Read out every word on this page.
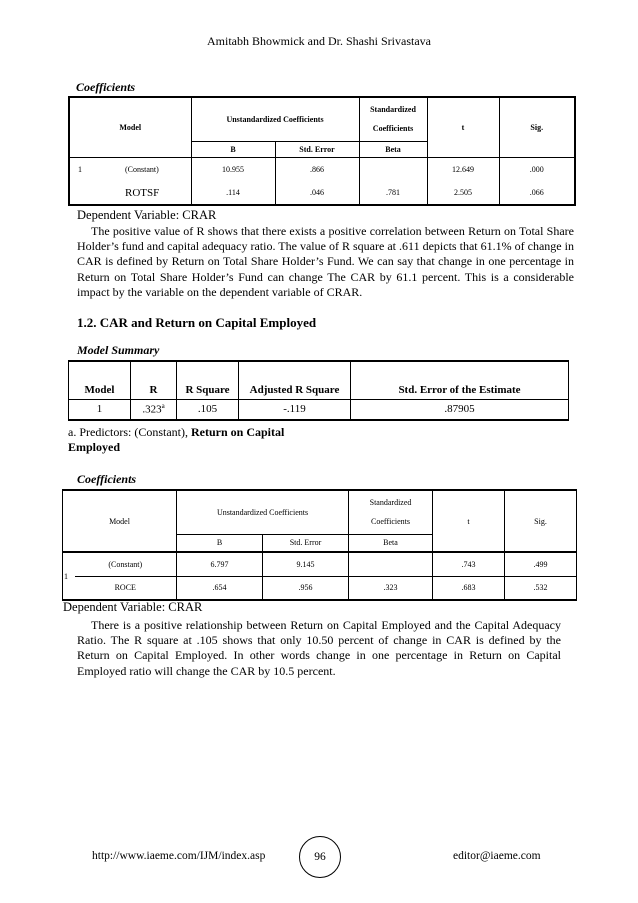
Amitabh Bhowmick and Dr. Shashi Srivastava
Coefficients
Model		Unstandardized Coefficients		Standardized
Coefficients	t	Sig.
		B	Std. Error	Beta		
1	(Constant)	10.955	.866		12.649	.000
	ROTSF	.114	.046	.781	2.505	.066
Dependent Variable: CRAR
The positive value of R shows that there exists a positive correlation between Return on Total Share Holder’s fund and capital adequacy ratio. The value of R square at .611 depicts that 61.1% of change in CAR is defined by Return on Total Share Holder’s Fund. We can say that change in one percentage in Return on Total Share Holder’s Fund can change The CAR by 61.1 percent. This is a considerable impact by the variable on the dependent variable of CRAR.
1.2. CAR and Return on Capital Employed
Model Summary
Model	R	R Square	Adjusted R Square	Std. Error of the Estimate
1	.323$^a$	.105	-.119	.87905
a. Predictors: (Constant), Return on Capital
Employed
Coefficients
Model		Unstandardized Coefficients		Standardized
Coefficients	t	Sig.
		B	Std. Error	Beta		
1	(Constant)	6.797	9.145		.743	.499
	ROCE	.654	.956	.323	.683	.532
Dependent Variable: CRAR
There is a positive relationship between Return on Capital Employed and the Capital Adequacy Ratio. The R square at .105 shows that only 10.50 percent of change in CAR is defined by the Return on Capital Employed. In other words change in one percentage in Return on Capital Employed ratio will change the CAR by 10.5 percent.
http://www.iaeme.com/IJM/index.asp	96	editor@iaeme.com
